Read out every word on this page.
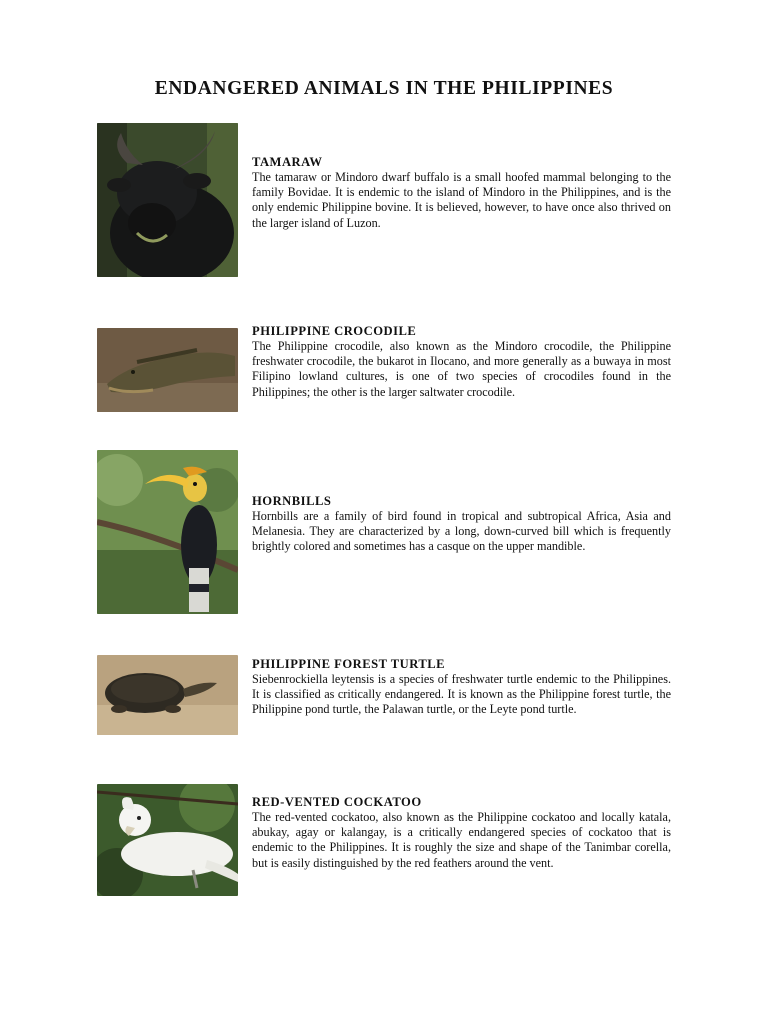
ENDANGERED ANIMALS IN THE PHILIPPINES

TAMARAW

The tamaraw or Mindoro dwarf buffalo is a small hoofed mammal belonging to the family Bovidae. It is endemic to the island of Mindoro in the Philippines, and is the only endemic Philippine bovine. It is believed, however, to have once also thrived on the larger island of Luzon.

PHILIPPINE CROCODILE

The Philippine crocodile, also known as the Mindoro crocodile, the Philippine freshwater crocodile, the bukarot in Ilocano, and more generally as a buwaya in most Filipino lowland cultures, is one of two species of crocodiles found in the Philippines; the other is the larger saltwater crocodile.

HORNBILLS

Hornbills are a family of bird found in tropical and subtropical Africa, Asia and Melanesia. They are characterized by a long, down-curved bill which is frequently brightly colored and sometimes has a casque on the upper mandible.

PHILIPPINE FOREST TURTLE

Siebenrockiella leytensis is a species of freshwater turtle endemic to the Philippines. It is classified as critically endangered. It is known as the Philippine forest turtle, the Philippine pond turtle, the Palawan turtle, or the Leyte pond turtle.

RED-VENTED COCKATOO

The red-vented cockatoo, also known as the Philippine cockatoo and locally katala, abukay, agay or kalangay, is a critically endangered species of cockatoo that is endemic to the Philippines. It is roughly the size and shape of the Tanimbar corella, but is easily distinguished by the red feathers around the vent.
